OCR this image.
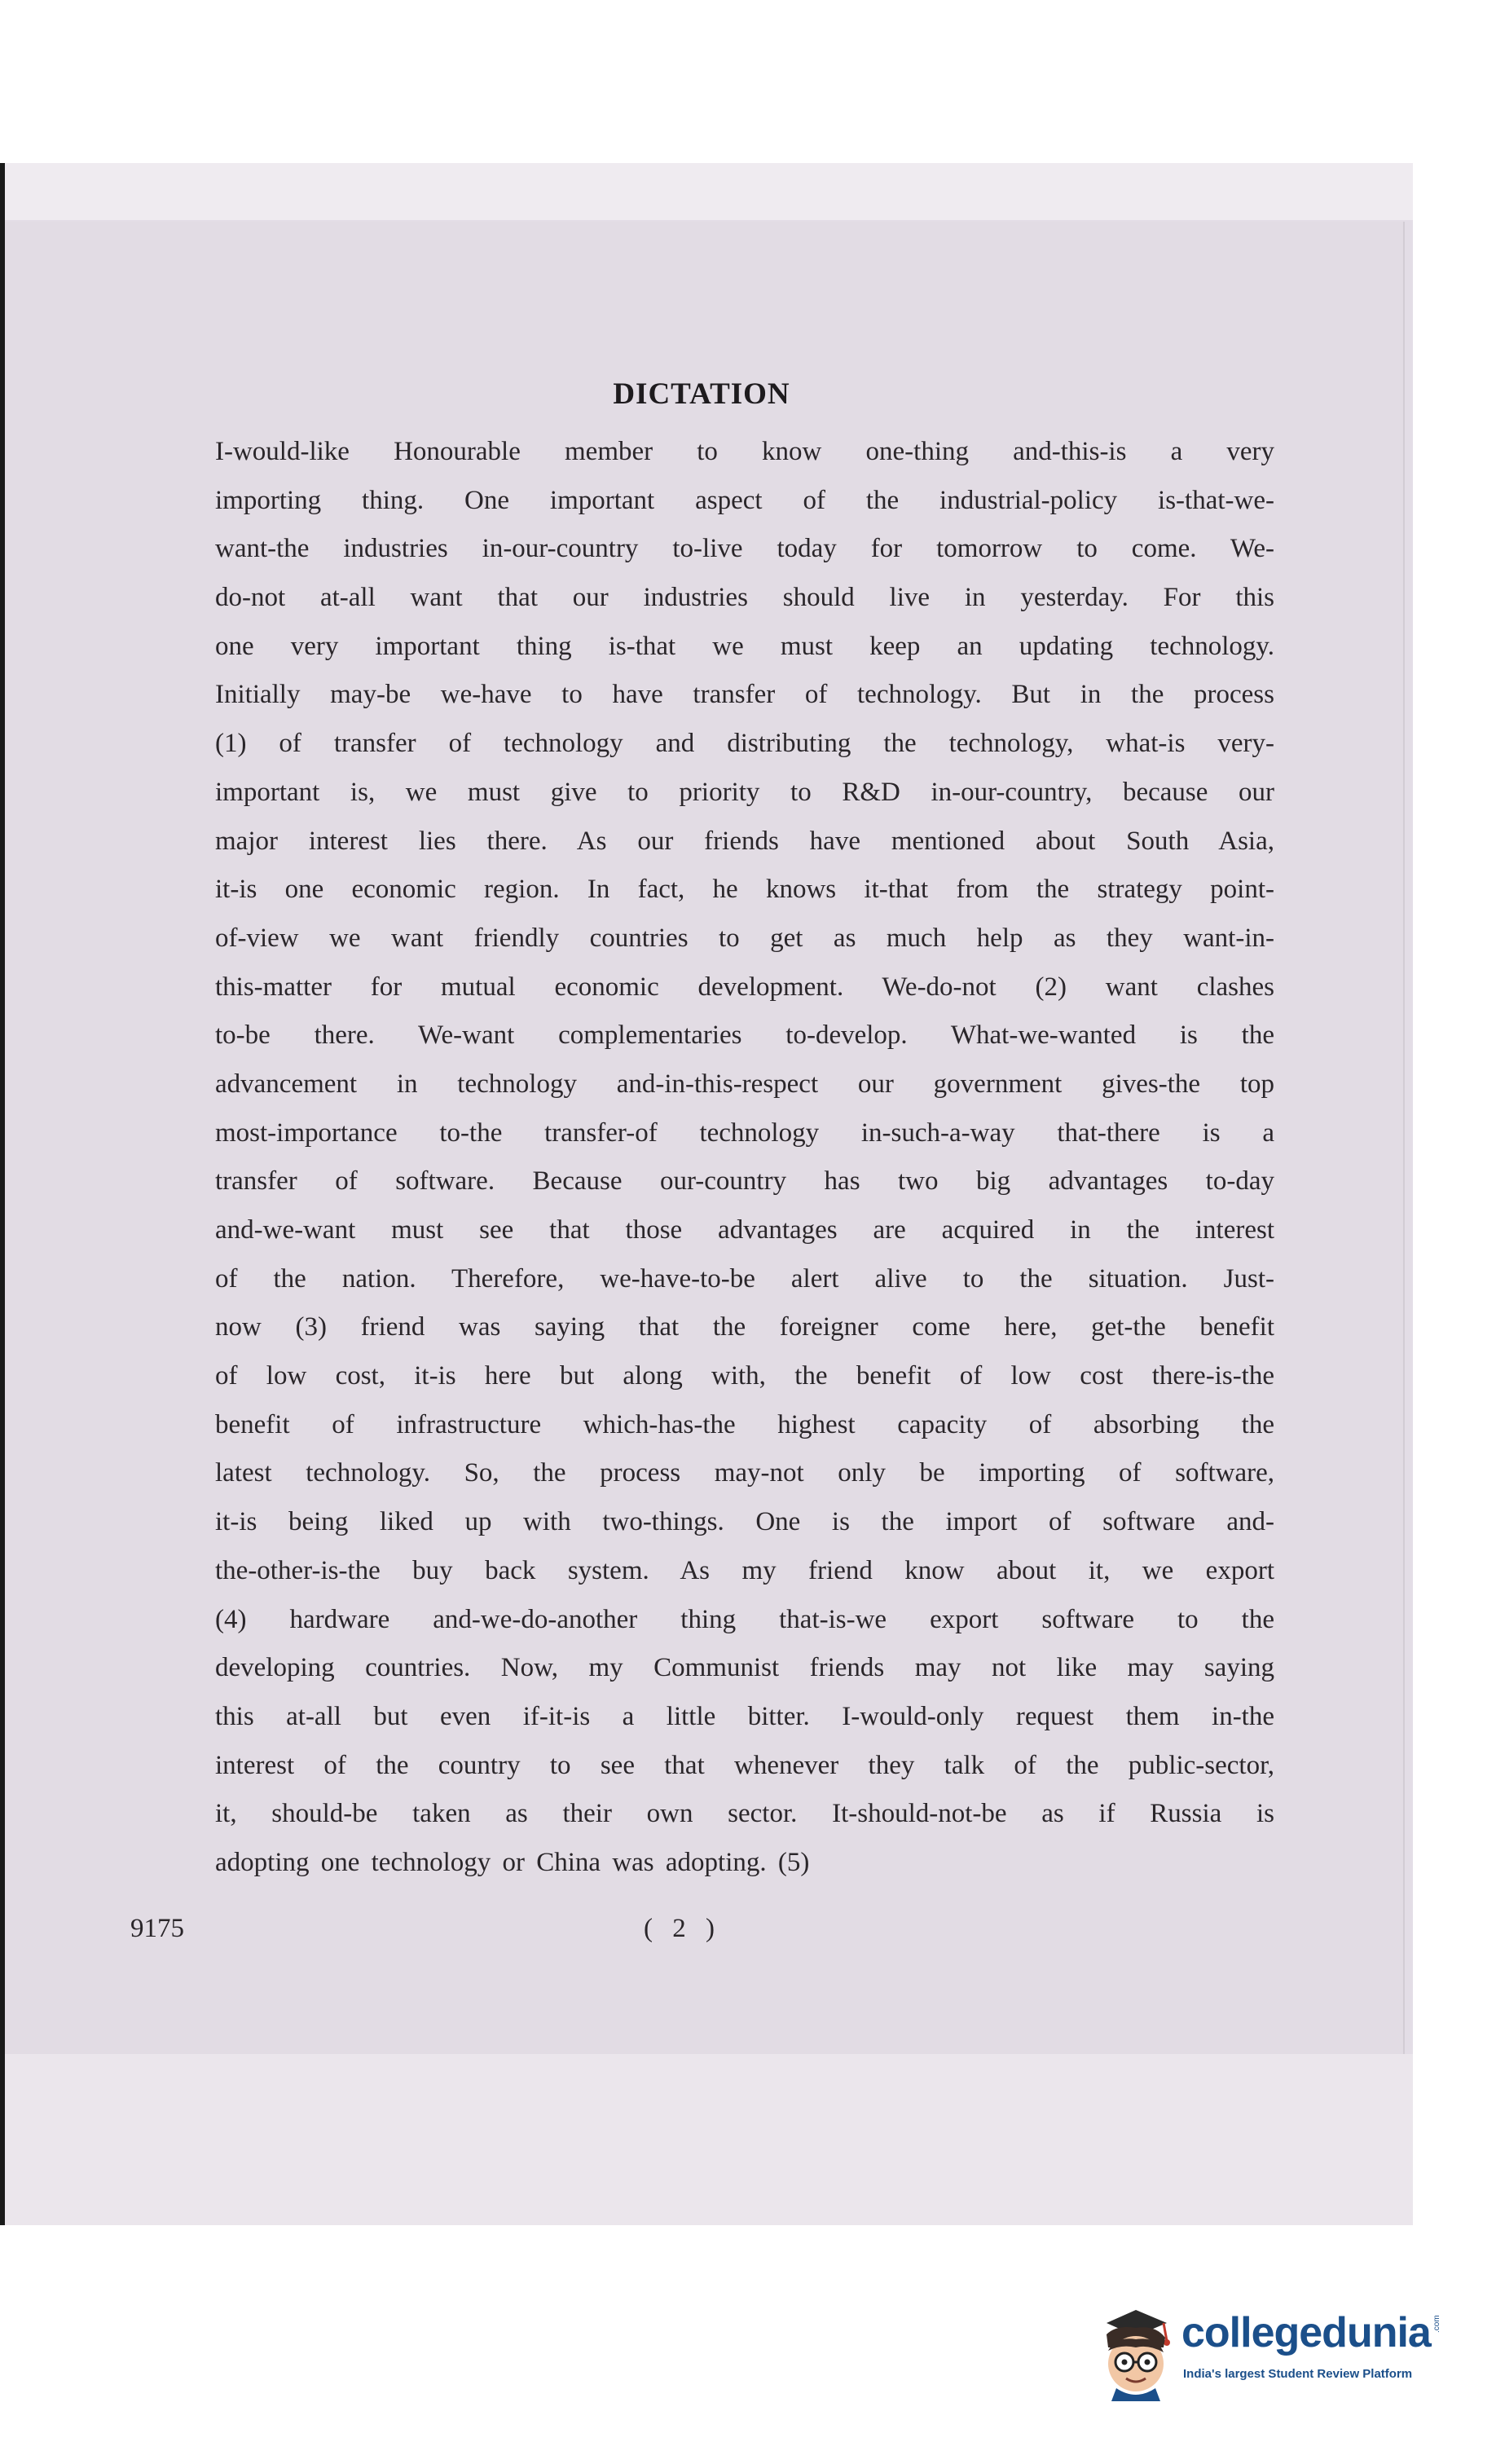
DICTATION
I-would-like Honourable member to know one-thing and-this-is a very
importing thing. One important aspect of the industrial-policy is-that-we-
want-the industries in-our-country to-live today for tomorrow to come. We-
do-not at-all want that our industries should live in yesterday. For this
one very important thing is-that we must keep an updating technology.
Initially may-be we-have to have transfer of technology. But in the process
(1) of transfer of technology and distributing the technology, what-is very-
important is, we must give to priority to R&D in-our-country, because our
major interest lies there. As our friends have mentioned about South Asia,
it-is one economic region. In fact, he knows it-that from the strategy point-
of-view we want friendly countries to get as much help as they want-in-
this-matter for mutual economic development. We-do-not (2) want clashes
to-be there. We-want complementaries to-develop. What-we-wanted is the
advancement in technology and-in-this-respect our government gives-the top
most-importance to-the transfer-of technology in-such-a-way that-there is a
transfer of software. Because our-country has two big advantages to-day
and-we-want must see that those advantages are acquired in the interest
of the nation. Therefore, we-have-to-be alert alive to the situation. Just-
now (3) friend was saying that the foreigner come here, get-the benefit
of low cost, it-is here but along with, the benefit of low cost there-is-the
benefit of infrastructure which-has-the highest capacity of absorbing the
latest technology. So, the process may-not only be importing of software,
it-is being liked up with two-things. One is the import of software and-
the-other-is-the buy back system. As my friend know about it, we export
(4) hardware and-we-do-another thing that-is-we export software to the
developing countries. Now, my Communist friends may not like may saying
this at-all but even if-it-is a little bitter. I-would-only request them in-the
interest of the country to see that whenever they talk of the public-sector,
it, should-be taken as their own sector. It-should-not-be as if Russia is
adopting one technology or China was adopting. (5)
9175	( 2 )
collegedunia .com
India's largest Student Review Platform
